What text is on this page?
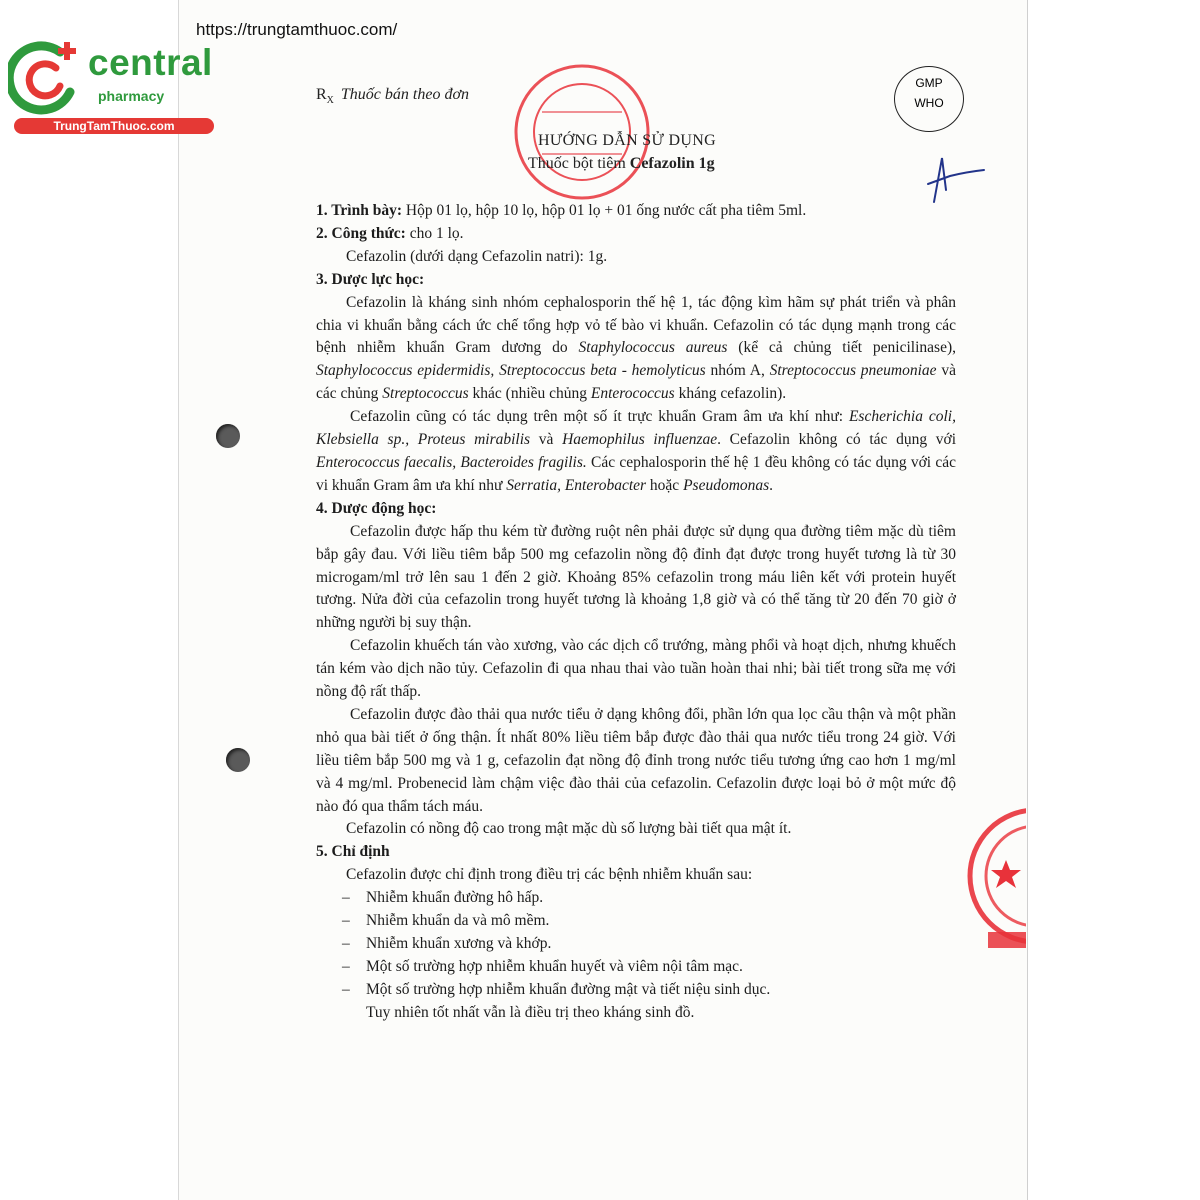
https://trungtamthuoc.com/
central
pharmacy
TrungTamThuoc.com
$R_X$ Thuốc bán theo đơn
GMP
WHO
HƯỚNG DẪN SỬ DỤNG
Thuốc bột tiêm Cefazolin 1g

1. Trình bày: Hộp 01 lọ, hộp 10 lọ, hộp 01 lọ + 01 ống nước cất pha tiêm 5ml.

2. Công thức: cho 1 lọ.

Cefazolin (dưới dạng Cefazolin natri): 1g.

3. Dược lực học:

Cefazolin là kháng sinh nhóm cephalosporin thế hệ 1, tác động kìm hãm sự phát triển và phân chia vi khuẩn bằng cách ức chế tổng hợp vỏ tế bào vi khuẩn. Cefazolin có tác dụng mạnh trong các bệnh nhiễm khuẩn Gram dương do Staphylococcus aureus (kể cả chủng tiết penicilinase), Staphylococcus epidermidis, Streptococcus beta - hemolyticus nhóm A, Streptococcus pneumoniae và các chủng Streptococcus khác (nhiều chủng Enterococcus kháng cefazolin).

Cefazolin cũng có tác dụng trên một số ít trực khuẩn Gram âm ưa khí như: Escherichia coli, Klebsiella sp., Proteus mirabilis và Haemophilus influenzae. Cefazolin không có tác dụng với Enterococcus faecalis, Bacteroides fragilis. Các cephalosporin thế hệ 1 đều không có tác dụng với các vi khuẩn Gram âm ưa khí như Serratia, Enterobacter hoặc Pseudomonas.

4. Dược động học:

Cefazolin được hấp thu kém từ đường ruột nên phải được sử dụng qua đường tiêm mặc dù tiêm bắp gây đau. Với liều tiêm bắp 500 mg cefazolin nồng độ đỉnh đạt được trong huyết tương là từ 30 microgam/ml trở lên sau 1 đến 2 giờ. Khoảng 85% cefazolin trong máu liên kết với protein huyết tương. Nửa đời của cefazolin trong huyết tương là khoảng 1,8 giờ và có thể tăng từ 20 đến 70 giờ ở những người bị suy thận.

Cefazolin khuếch tán vào xương, vào các dịch cổ trướng, màng phổi và hoạt dịch, nhưng khuếch tán kém vào dịch não tủy. Cefazolin đi qua nhau thai vào tuần hoàn thai nhi; bài tiết trong sữa mẹ với nồng độ rất thấp.

Cefazolin được đào thải qua nước tiểu ở dạng không đổi, phần lớn qua lọc cầu thận và một phần nhỏ qua bài tiết ở ống thận. Ít nhất 80% liều tiêm bắp được đào thải qua nước tiểu trong 24 giờ. Với liều tiêm bắp 500 mg và 1 g, cefazolin đạt nồng độ đỉnh trong nước tiểu tương ứng cao hơn 1 mg/ml và 4 mg/ml. Probenecid làm chậm việc đào thải của cefazolin. Cefazolin được loại bỏ ở một mức độ nào đó qua thẩm tách máu.

Cefazolin có nồng độ cao trong mật mặc dù số lượng bài tiết qua mật ít.

5. Chỉ định

Cefazolin được chỉ định trong điều trị các bệnh nhiễm khuẩn sau:

– Nhiễm khuẩn đường hô hấp.
– Nhiễm khuẩn da và mô mềm.
– Nhiễm khuẩn xương và khớp.
– Một số trường hợp nhiễm khuẩn huyết và viêm nội tâm mạc.
– Một số trường hợp nhiễm khuẩn đường mật và tiết niệu sinh dục.

Tuy nhiên tốt nhất vẫn là điều trị theo kháng sinh đồ.
